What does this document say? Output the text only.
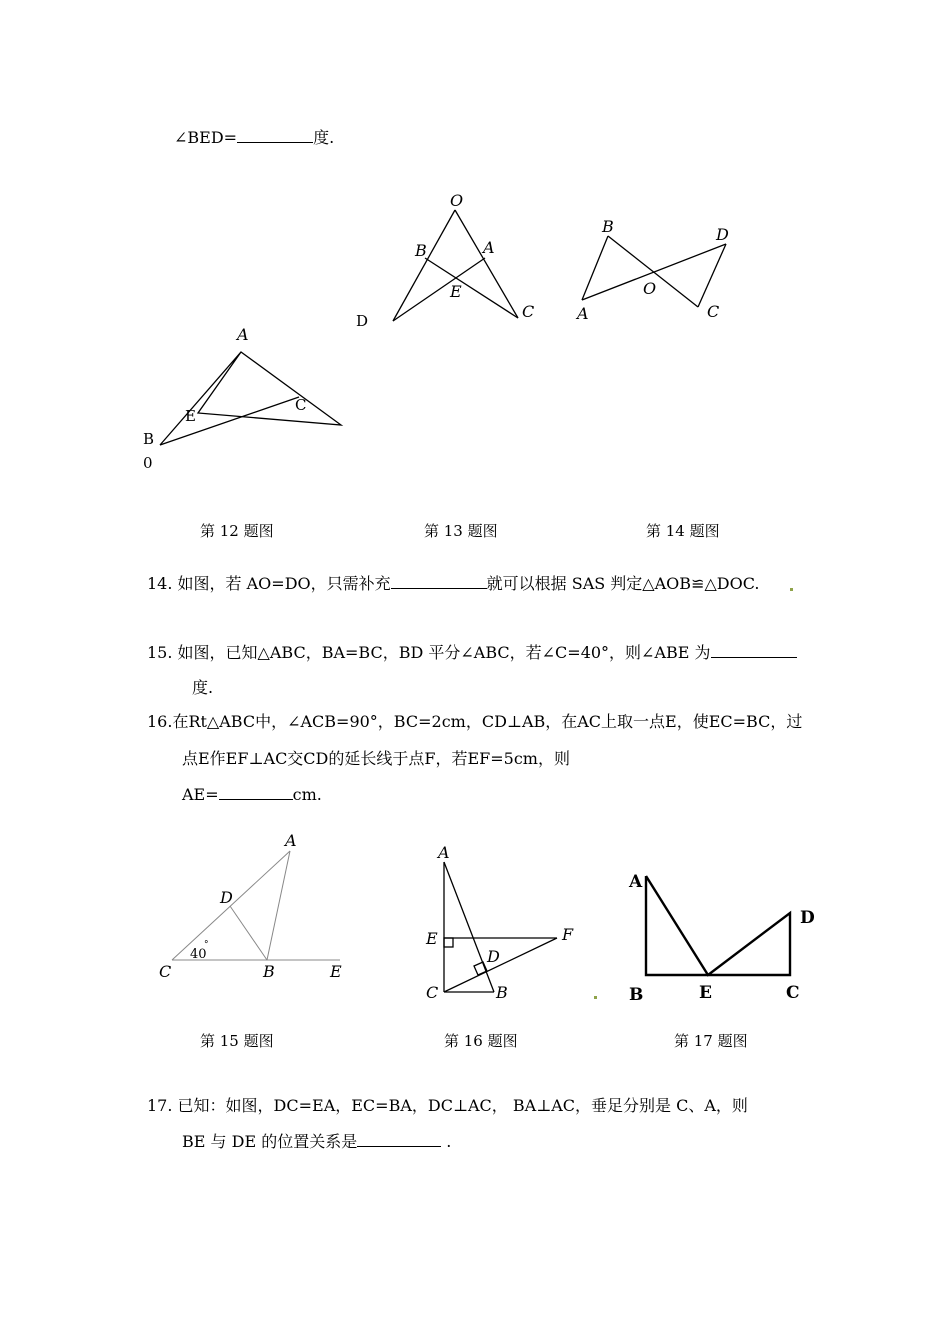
∠BED=	度.
A
E
C
B
0
O
B	A
E
C
D
B	D
O
A	C
A
D
40
°
C	B	E
A
E
D
F
C	B
A
D
B	E	C
第 12 题图	第 13 题图	第 14 题图
14. 如图，若 AO=DO，只需补充	就可以根据 SAS 判定△AOB≌△DOC.
15. 如图，已知△ABC，BA=BC，BD 平分∠ABC，若∠C=40°，则∠ABE 为
度.
16.在Rt△ABC中，∠ACB=90°，BC=2cm，CD⊥AB，在AC上取一点E，使EC=BC，过
点E作EF⊥AC交CD的延长线于点F，若EF=5cm，则
AE=	cm.
第 15 题图	第 16 题图	第 17 题图
17. 已知：如图，DC=EA，EC=BA，DC⊥AC， BA⊥AC，垂足分别是 C、A，则
BE 与 DE 的位置关系是	.
